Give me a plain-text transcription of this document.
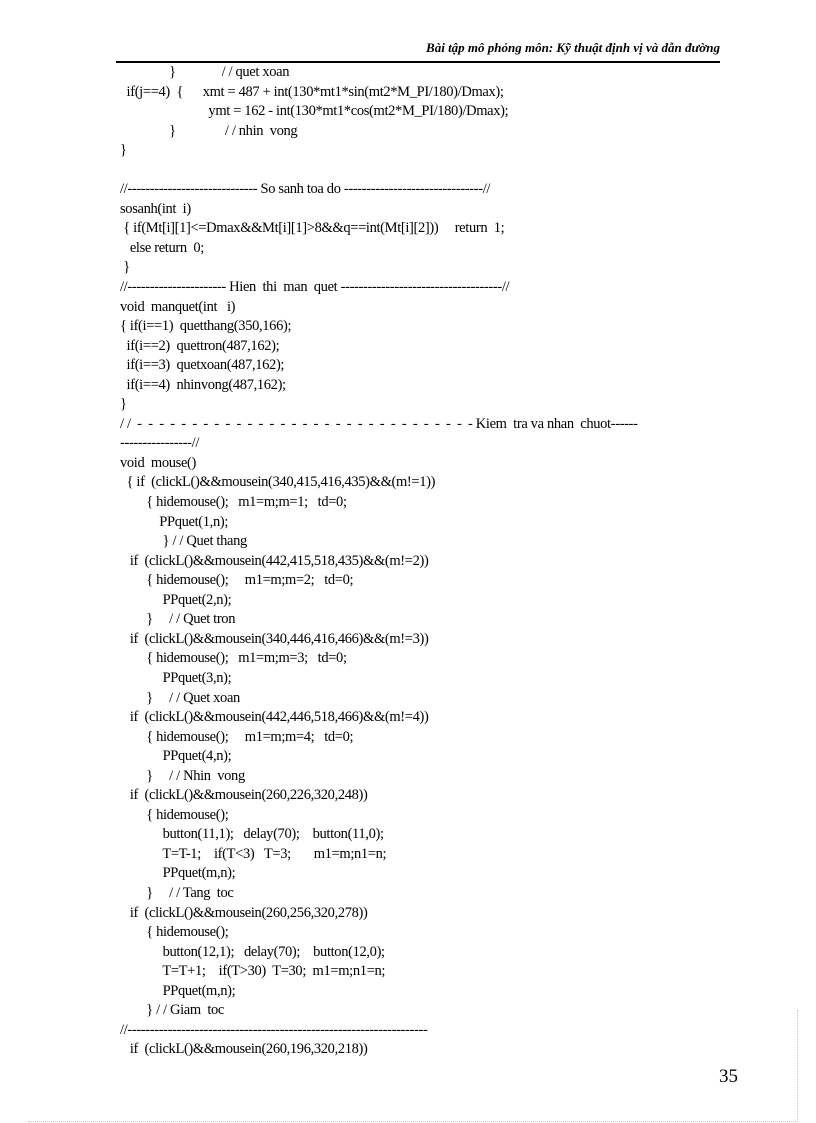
Bài tập mô phỏng môn: Kỹ thuật định vị và dẫn đường
}              / / quet xoan
if(j==4)  {      xmt = 487 + int(130*mt1*sin(mt2*M_PI/180)/Dmax);
ymt = 162 - int(130*mt1*cos(mt2*M_PI/180)/Dmax);
}               / / nhin  vong
}
//----------------------------- So sanh toa do -------------------------------//
sosanh(int  i)
{ if(Mt[i][1]<=Dmax&&Mt[i][1]>8&&q==int(Mt[i][2]))     return  1;
else return  0;
}
//---------------------- Hien  thi  man  quet ------------------------------------//
void  manquet(int   i)
{ if(i==1)  quetthang(350,166);
if(i==2)  quettron(487,162);
if(i==3)  quetxoan(487,162);
if(i==4)  nhinvong(487,162);
}
/ /  -  -  -  -  -  -  -  -  -  -  -  -  -  -  -  -  -  -  -  -  -  -  -  -  -  -  -  -  -  -  - Kiem  tra va nhan  chuot------
----------------//
void  mouse()
{ if  (clickL()&&mousein(340,415,416,435)&&(m!=1))
{ hidemouse();   m1=m;m=1;   td=0;
PPquet(1,n);
} / / Quet thang
if  (clickL()&&mousein(442,415,518,435)&&(m!=2))
{ hidemouse();     m1=m;m=2;   td=0;
PPquet(2,n);
}     / / Quet tron
if  (clickL()&&mousein(340,446,416,466)&&(m!=3))
{ hidemouse();   m1=m;m=3;   td=0;
PPquet(3,n);
}     / / Quet xoan
if  (clickL()&&mousein(442,446,518,466)&&(m!=4))
{ hidemouse();     m1=m;m=4;   td=0;
PPquet(4,n);
}     / / Nhin  vong
if  (clickL()&&mousein(260,226,320,248))
{ hidemouse();
button(11,1);   delay(70);    button(11,0);
T=T-1;    if(T<3)   T=3;       m1=m;n1=n;
PPquet(m,n);
}     / / Tang  toc
if  (clickL()&&mousein(260,256,320,278))
{ hidemouse();
button(12,1);   delay(70);    button(12,0);
T=T+1;    if(T>30)  T=30;  m1=m;n1=n;
PPquet(m,n);
} / / Giam  toc
//-------------------------------------------------------------------
if  (clickL()&&mousein(260,196,320,218))
35
